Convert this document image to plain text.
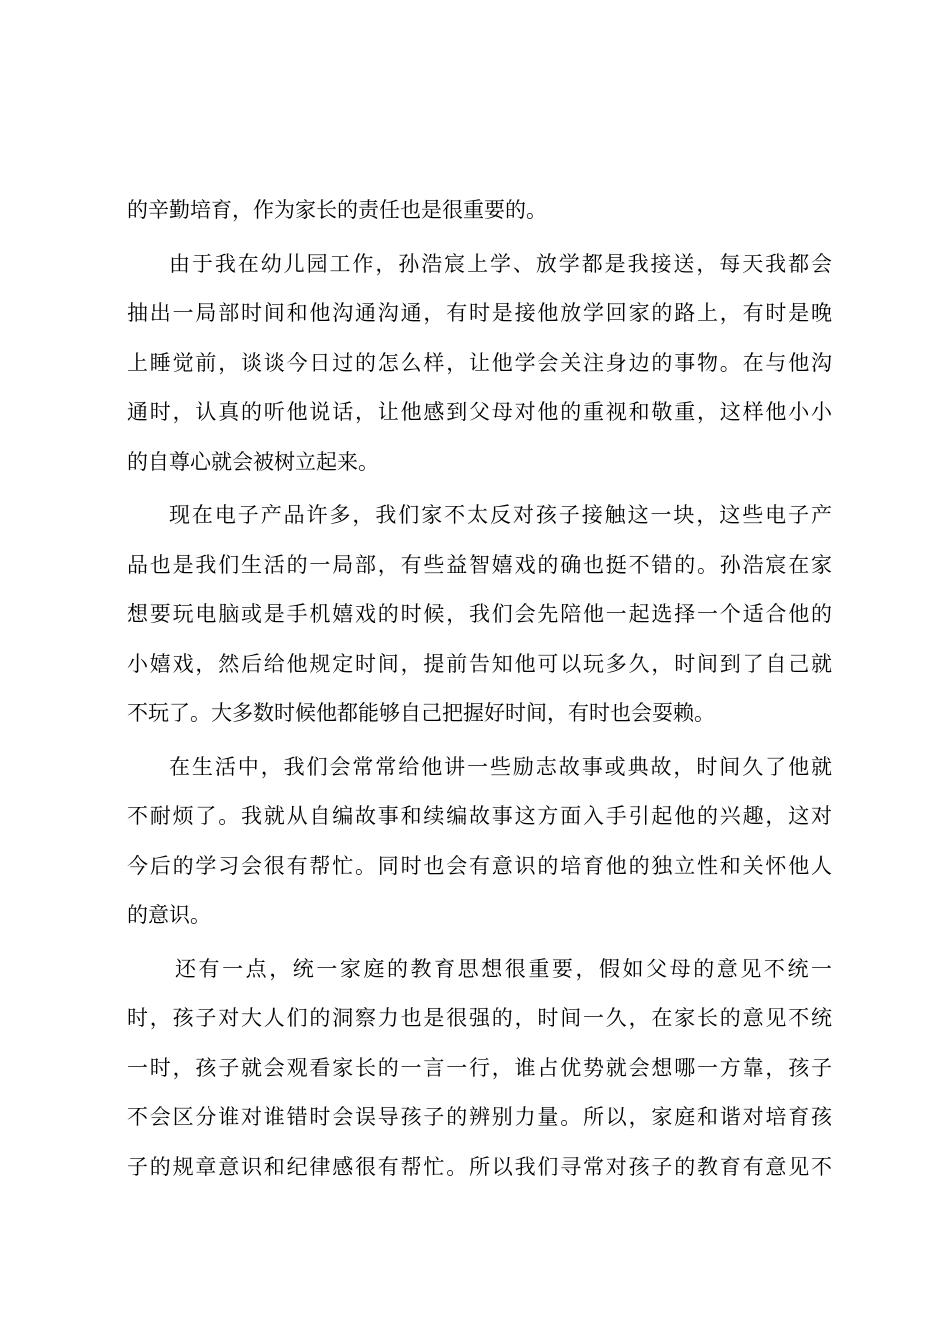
的辛勤培育，作为家长的责任也是很重要的。
由于我在幼儿园工作，孙浩宸上学、放学都是我接送，每天我都会
抽出一局部时间和他沟通沟通，有时是接他放学回家的路上，有时是晚
上睡觉前，谈谈今日过的怎么样，让他学会关注身边的事物。在与他沟
通时，认真的听他说话，让他感到父母对他的重视和敬重，这样他小小
的自尊心就会被树立起来。
现在电子产品许多，我们家不太反对孩子接触这一块，这些电子产
品也是我们生活的一局部，有些益智嬉戏的确也挺不错的。孙浩宸在家
想要玩电脑或是手机嬉戏的时候，我们会先陪他一起选择一个适合他的
小嬉戏，然后给他规定时间，提前告知他可以玩多久，时间到了自己就
不玩了。大多数时候他都能够自己把握好时间，有时也会耍赖。
在生活中，我们会常常给他讲一些励志故事或典故，时间久了他就
不耐烦了。我就从自编故事和续编故事这方面入手引起他的兴趣，这对
今后的学习会很有帮忙。同时也会有意识的培育他的独立性和关怀他人
的意识。
还有一点，统一家庭的教育思想很重要，假如父母的意见不统一
时，孩子对大人们的洞察力也是很强的，时间一久，在家长的意见不统
一时，孩子就会观看家长的一言一行，谁占优势就会想哪一方靠，孩子
不会区分谁对谁错时会误导孩子的辨别力量。所以，家庭和谐对培育孩
子的规章意识和纪律感很有帮忙。所以我们寻常对孩子的教育有意见不
